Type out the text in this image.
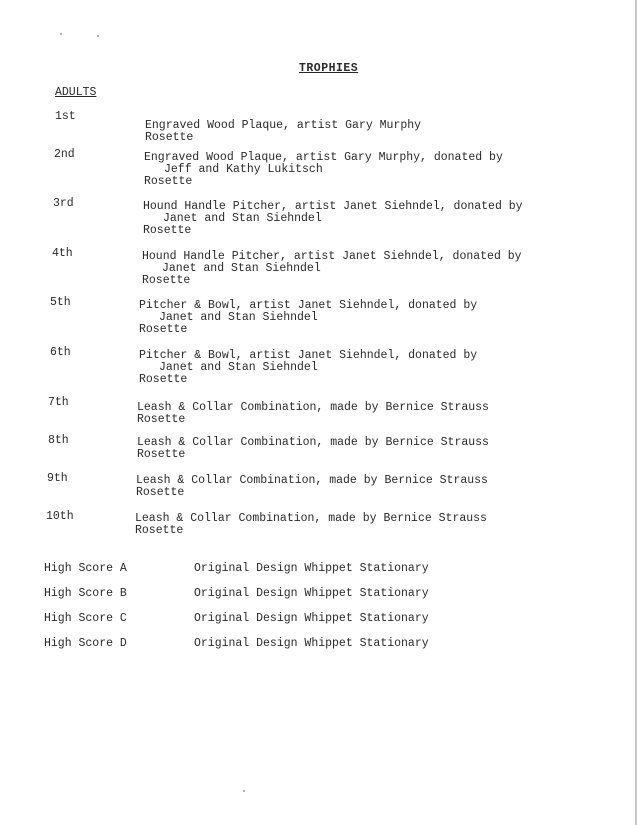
TROPHIES
ADULTS
1st
Engraved Wood Plaque, artist Gary Murphy
Rosette
2nd	Engraved Wood Plaque, artist Gary Murphy, donated by
Jeff and Kathy Lukitsch
Rosette
3rd	Hound Handle Pitcher, artist Janet Siehndel, donated by
Janet and Stan Siehndel
Rosette
4th	Hound Handle Pitcher, artist Janet Siehndel, donated by
Janet and Stan Siehndel
Rosette
5th	Pitcher & Bowl, artist Janet Siehndel, donated by
Janet and Stan Siehndel
Rosette
6th	Pitcher & Bowl, artist Janet Siehndel, donated by
Janet and Stan Siehndel
Rosette
7th	Leash & Collar Combination, made by Bernice Strauss
Rosette
8th	Leash & Collar Combination, made by Bernice Strauss
Rosette
9th	Leash & Collar Combination, made by Bernice Strauss
Rosette
10th	Leash & Collar Combination, made by Bernice Strauss
Rosette
High Score A	Original Design Whippet Stationary
High Score B	Original Design Whippet Stationary
High Score C	Original Design Whippet Stationary
High Score D	Original Design Whippet Stationary
